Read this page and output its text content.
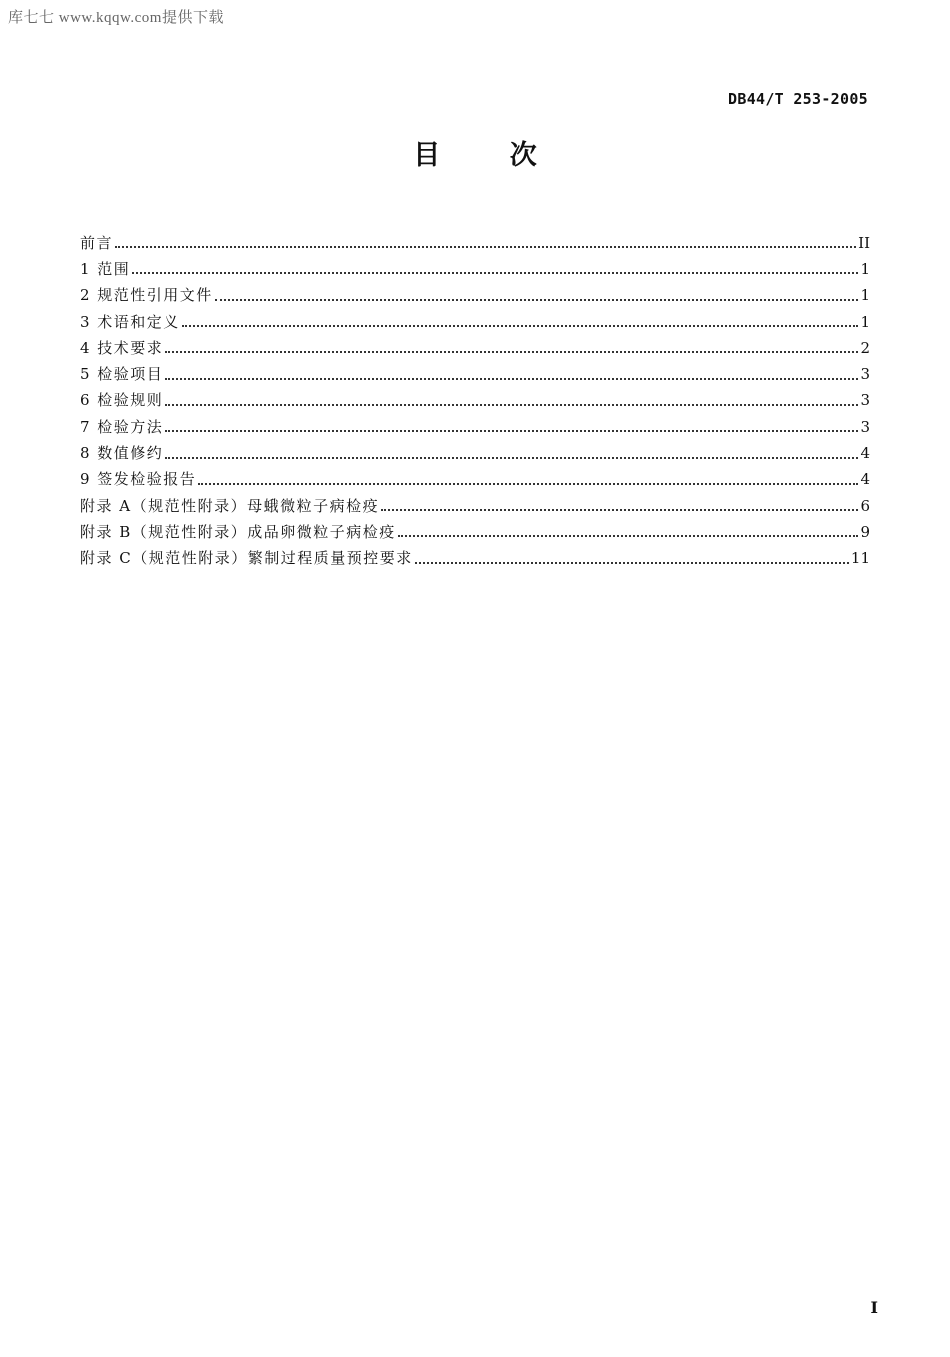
库七七 www.kqqw.com提供下载
DB44/T 253-2005
目 次
前言	II
1 范围	1
2 规范性引用文件	1
3 术语和定义	1
4 技术要求	2
5 检验项目	3
6 检验规则	3
7 检验方法	3
8 数值修约	4
9 签发检验报告	4
附录 A（规范性附录）母蛾微粒子病检疫	6
附录 B（规范性附录）成品卵微粒子病检疫	9
附录 C（规范性附录）繁制过程质量预控要求	11
I
